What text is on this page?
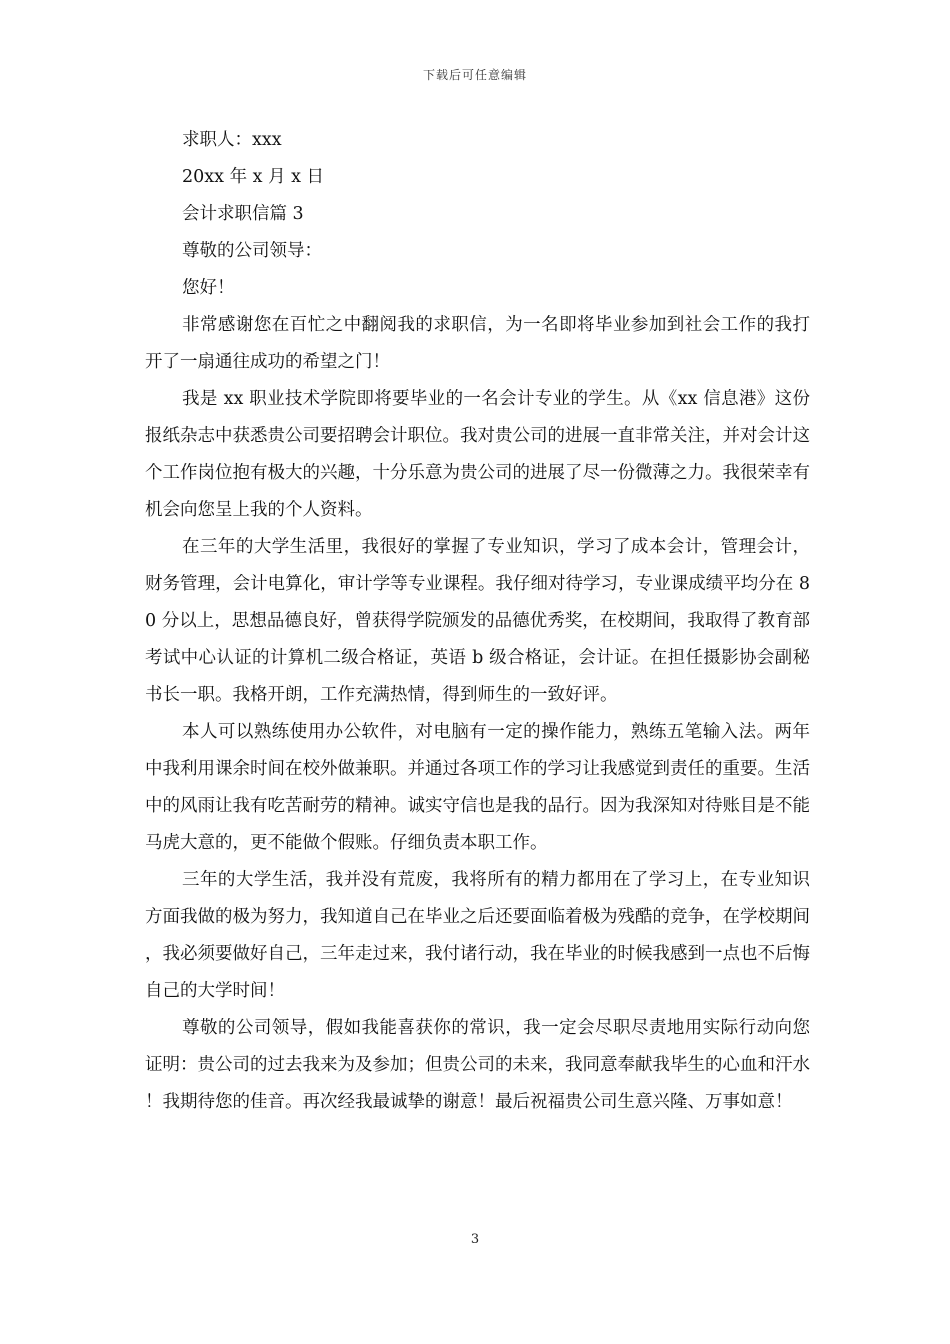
下载后可任意编辑

求职人：xxx

20xx 年 x 月 x 日

会计求职信篇 3

尊敬的公司领导：

您好！

非常感谢您在百忙之中翻阅我的求职信，为一名即将毕业参加到社会工作的我打开了一扇通往成功的希望之门！

我是 xx 职业技术学院即将要毕业的一名会计专业的学生。从《xx 信息港》这份报纸杂志中获悉贵公司要招聘会计职位。我对贵公司的进展一直非常关注，并对会计这个工作岗位抱有极大的兴趣，十分乐意为贵公司的进展了尽一份微薄之力。我很荣幸有机会向您呈上我的个人资料。

在三年的大学生活里，我很好的掌握了专业知识，学习了成本会计，管理会计，财务管理，会计电算化，审计学等专业课程。我仔细对待学习，专业课成绩平均分在 80 分以上，思想品德良好，曾获得学院颁发的品德优秀奖，在校期间，我取得了教育部考试中心认证的计算机二级合格证，英语 b 级合格证，会计证。在担任摄影协会副秘书长一职。我格开朗，工作充满热情，得到师生的一致好评。

本人可以熟练使用办公软件，对电脑有一定的操作能力，熟练五笔输入法。两年中我利用课余时间在校外做兼职。并通过各项工作的学习让我感觉到责任的重要。生活中的风雨让我有吃苦耐劳的精神。诚实守信也是我的品行。因为我深知对待账目是不能马虎大意的，更不能做个假账。仔细负责本职工作。

三年的大学生活，我并没有荒废，我将所有的精力都用在了学习上，在专业知识方面我做的极为努力，我知道自己在毕业之后还要面临着极为残酷的竞争，在学校期间，我必须要做好自己，三年走过来，我付诸行动，我在毕业的时候我感到一点也不后悔自己的大学时间！

尊敬的公司领导，假如我能喜获你的常识，我一定会尽职尽责地用实际行动向您证明：贵公司的过去我来为及参加；但贵公司的未来，我同意奉献我毕生的心血和汗水！我期待您的佳音。再次经我最诚挚的谢意！最后祝福贵公司生意兴隆、万事如意！

3
